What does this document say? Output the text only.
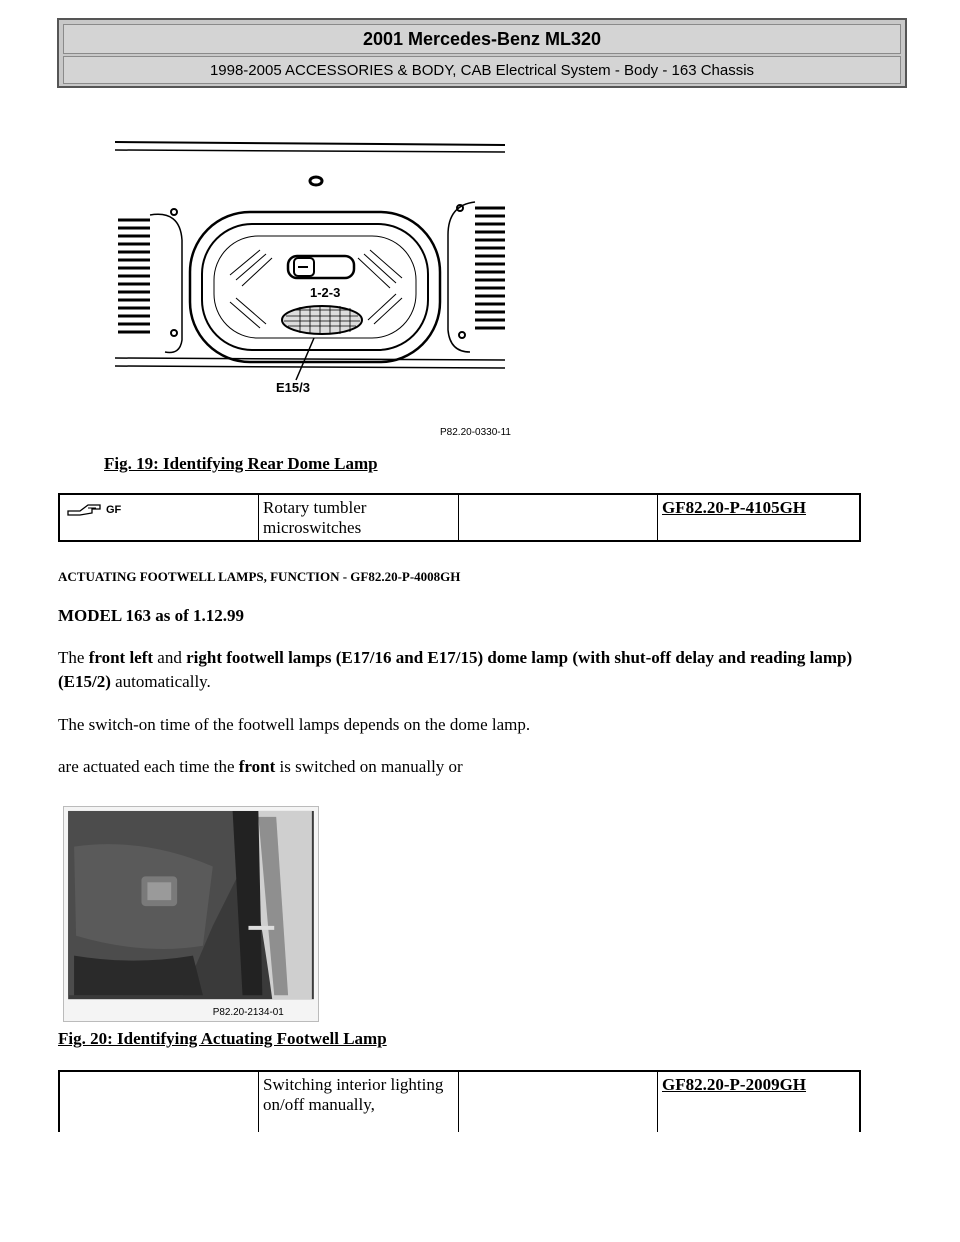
2001 Mercedes-Benz ML320
1998-2005 ACCESSORIES & BODY, CAB Electrical System - Body - 163 Chassis
1-2-3
E15/3
P82.20-0330-11
Fig. 19: Identifying Rear Dome Lamp
GF	Rotary tumbler microswitches
GF82.20-P-4105GH
ACTUATING FOOTWELL LAMPS, FUNCTION - GF82.20-P-4008GH
MODEL 163 as of 1.12.99
The front left and right footwell lamps (E17/16 and E17/15) dome lamp (with shut-off delay and reading lamp) (E15/2) automatically.
The switch-on time of the footwell lamps depends on the dome lamp.
are actuated each time the front is switched on manually or
P82.20-2134-01
Fig. 20: Identifying Actuating Footwell Lamp
Switching interior lighting on/off manually,
GF82.20-P-2009GH
